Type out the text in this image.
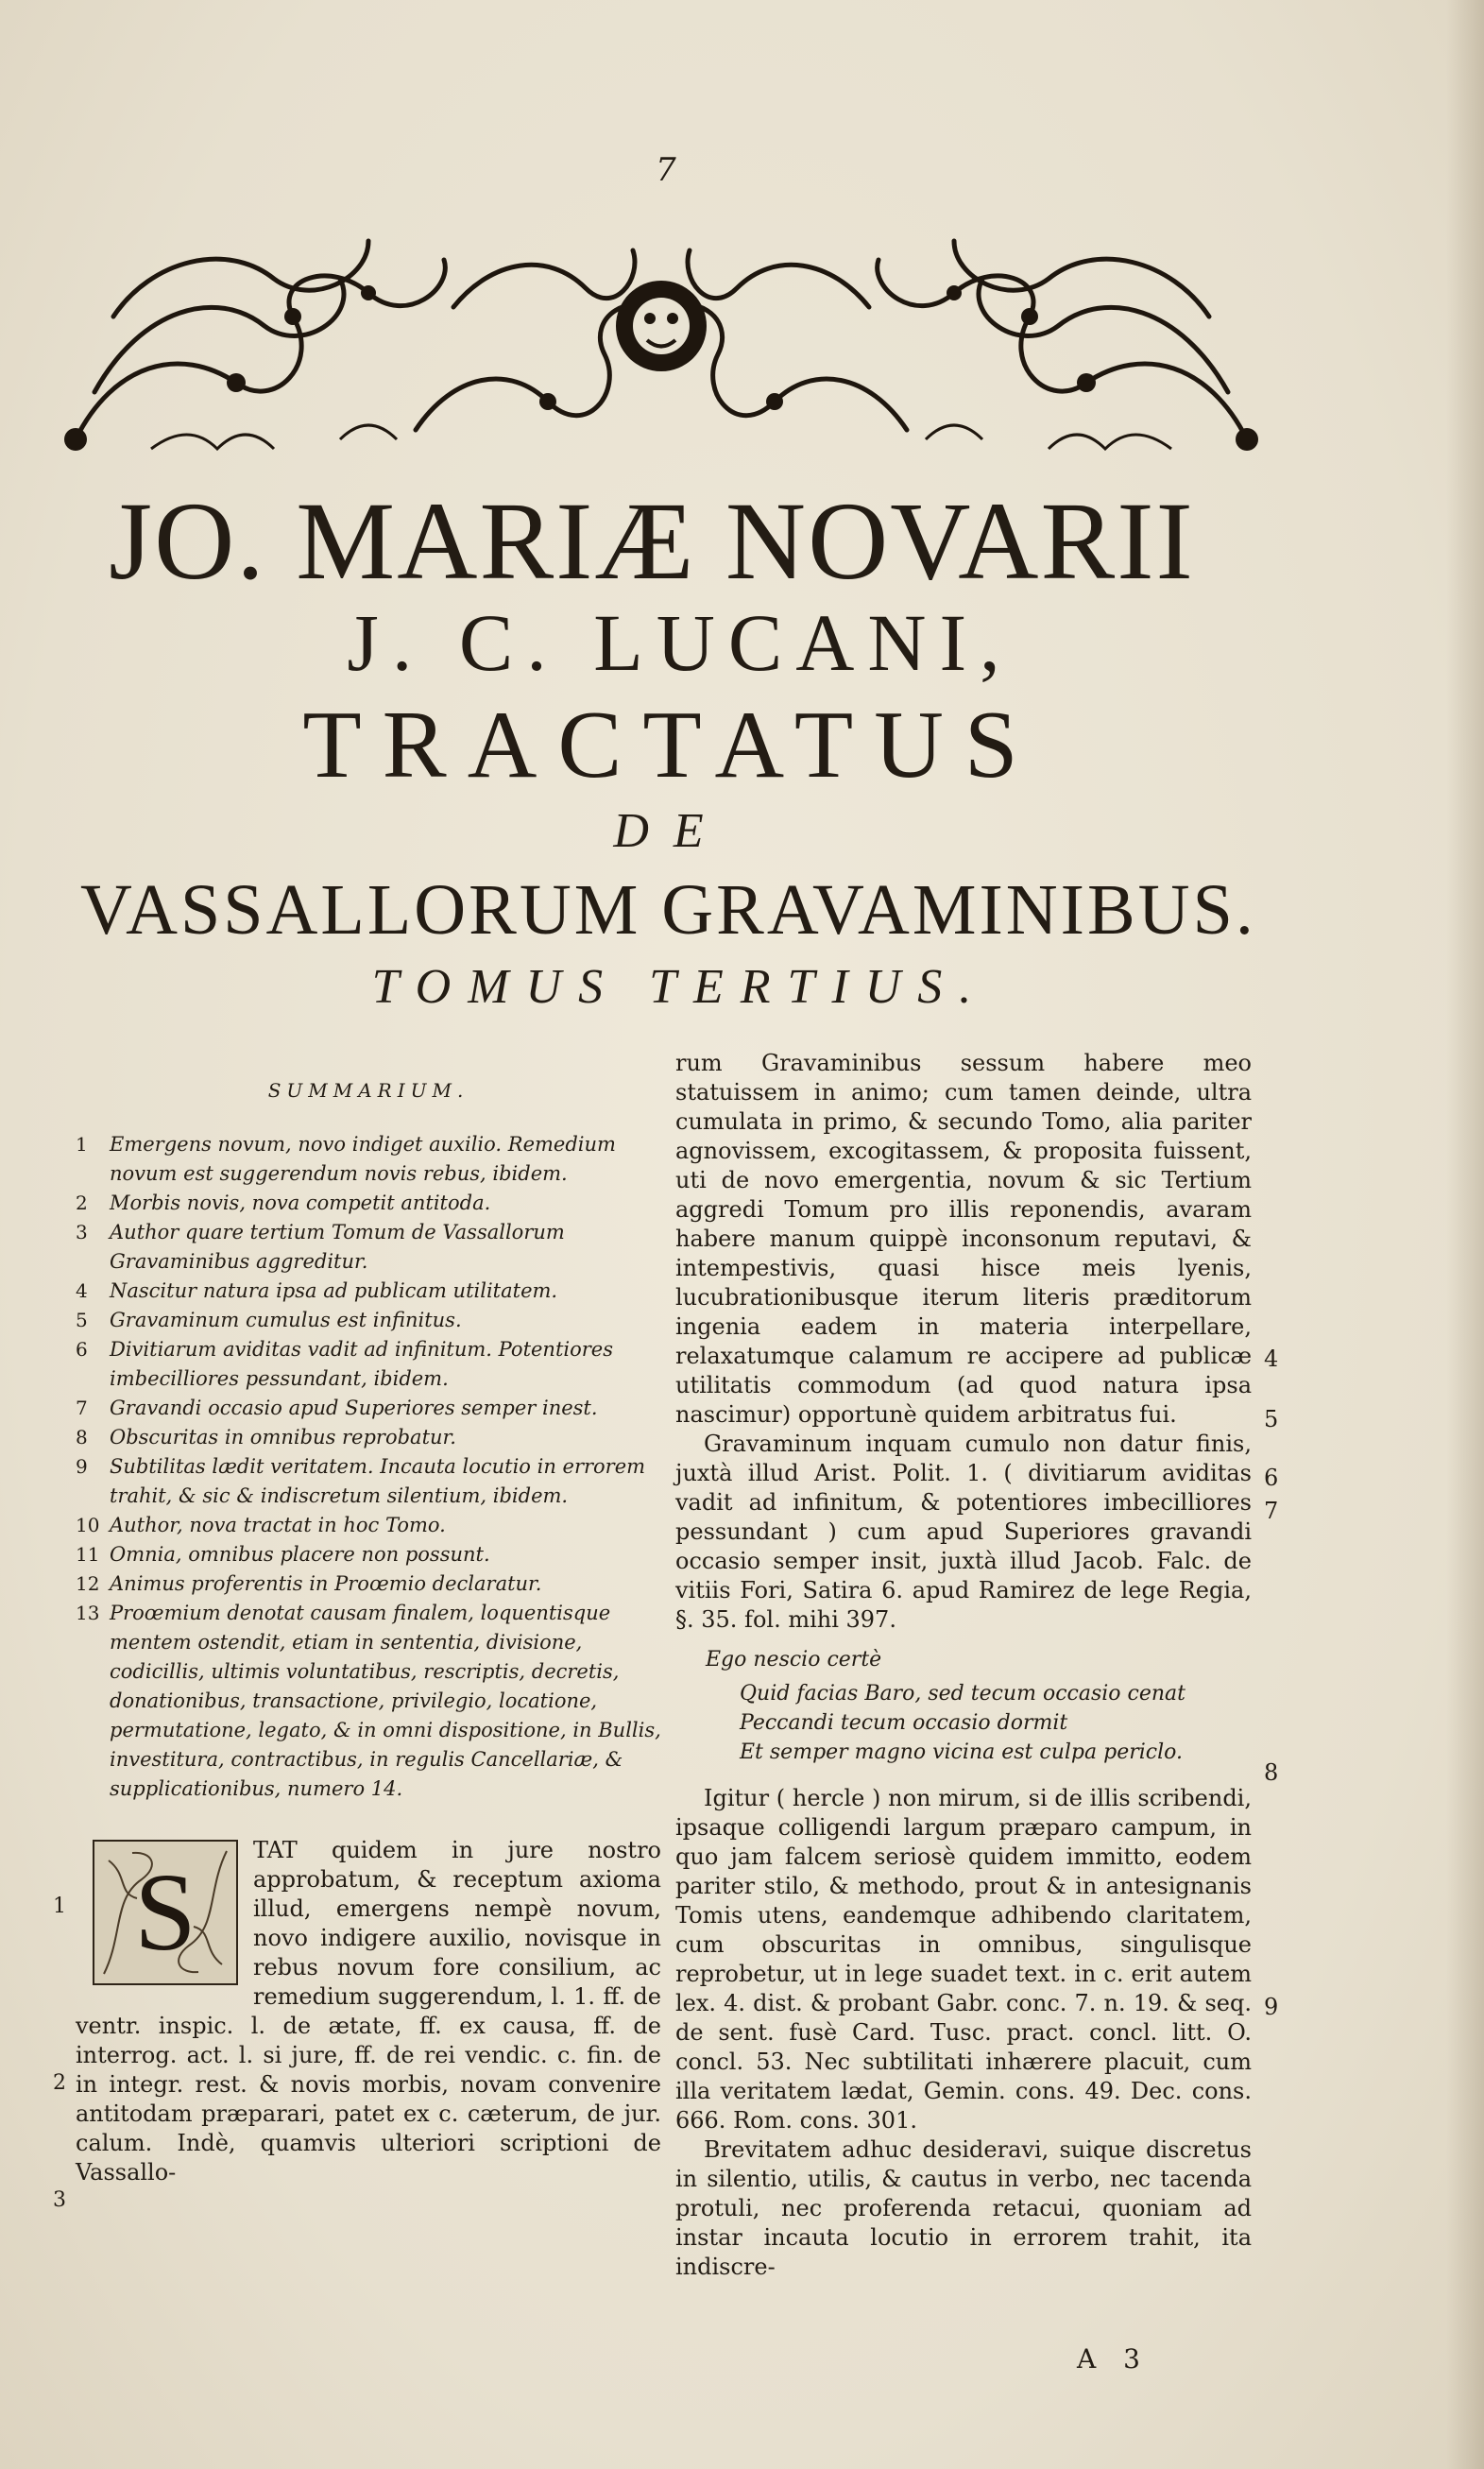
7
JO. MARIÆ NOVARII
J. C. LUCANI,
TRACTATUS
DE
VASSALLORUM GRAVAMINIBUS.
TOMUS TERTIUS.
SUMMARIUM.
1 Emergens novum, novo indiget auxilio. Remedium novum est suggerendum novis rebus, ibidem.
2 Morbis novis, nova competit antitoda.
3 Author quare tertium Tomum de Vassallorum Gravaminibus aggreditur.
4 Nascitur natura ipsa ad publicam utilitatem.
5 Gravaminum cumulus est infinitus.
6 Divitiarum aviditas vadit ad infinitum. Potentiores imbecilliores pessundant, ibidem.
7 Gravandi occasio apud Superiores semper inest.
8 Obscuritas in omnibus reprobatur.
9 Subtilitas lædit veritatem. Incauta locutio in errorem trahit, & sic & indiscretum silentium, ibidem.
10 Author, nova tractat in hoc Tomo.
11 Omnia, omnibus placere non possunt.
12 Animus proferentis in Proœmio declaratur.
13 Proœmium denotat causam finalem, loquentisque mentem ostendit, etiam in sententia, divisione, codicillis, ultimis voluntatibus, rescriptis, decretis, donationibus, transactione, privilegio, locatione, permutatione, legato, & in omni dispositione, in Bullis, investitura, contractibus, in regulis Cancellariæ, & supplicationibus, numero 14.
S	TAT quidem in jure nostro approbatum, & receptum axioma illud, emergens nempè novum, novo indigere auxilio, novisque in rebus novum fore consilium, ac remedium suggerendum, l. 1. ff. de ventr. inspic. l. de ætate, ff. ex causa, ff. de interrog. act. l. si jure, ff. de rei vendic. c. fin. de in integr. rest. & novis morbis, novam convenire antitodam præparari, patet ex c. cæterum, de jur. calum. Indè, quamvis ulteriori scriptioni de Vassallo-
1
2
3
rum Gravaminibus sessum habere meo statuissem in animo; cum tamen deinde, ultra cumulata in primo, & secundo Tomo, alia pariter agnovissem, excogitassem, & proposita fuissent, uti de novo emergentia, novum & sic Tertium aggredi Tomum pro illis reponendis, avaram habere manum quippè inconsonum reputavi, & intempestivis, quasi hisce meis lyenis, lucubrationibusque iterum literis præditorum ingenia eadem in materia interpellare, relaxatumque calamum re accipere ad publicæ utilitatis commodum (ad quod natura ipsa nascimur) opportunè quidem arbitratus fui.
Gravaminum inquam cumulo non datur finis, juxtà illud Arist. Polit. 1. ( divitiarum aviditas vadit ad infinitum, & potentiores imbecilliores pessundant ) cum apud Superiores gravandi occasio semper insit, juxtà illud Jacob. Falc. de vitiis Fori, Satira 6. apud Ramirez de lege Regia, §. 35. fol. mihi 397.
Ego nescio certè
Quid facias Baro, sed tecum occasio cenat
Peccandi tecum occasio dormit
Et semper magno vicina est culpa periclo.
Igitur ( hercle ) non mirum, si de illis scribendi, ipsaque colligendi largum præparo campum, in quo jam falcem seriosè quidem immitto, eodem pariter stilo, & methodo, prout & in antesignanis Tomis utens, eandemque adhibendo claritatem, cum obscuritas in omnibus, singulisque reprobetur, ut in lege suadet text. in c. erit autem lex. 4. dist. & probant Gabr. conc. 7. n. 19. & seq. de sent. fusè Card. Tusc. pract. concl. litt. O. concl. 53. Nec subtilitati inhærere placuit, cum illa veritatem lædat, Gemin. cons. 49. Dec. cons. 666. Rom. cons. 301.
Brevitatem adhuc desideravi, suique discretus in silentio, utilis, & cautus in verbo, nec tacenda protuli, nec proferenda retacui, quoniam ad instar incauta locutio in errorem trahit, ita indiscre-
4
5
6
7
8
9
A 3
